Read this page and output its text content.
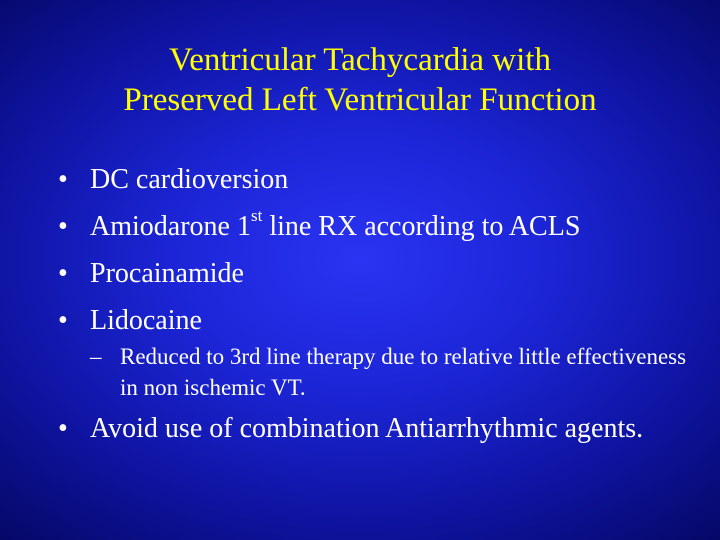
Ventricular Tachycardia with
Preserved Left Ventricular Function
• DC cardioversion
• Amiodarone 1st line RX according to ACLS
• Procainamide
• Lidocaine
– Reduced to 3rd line therapy due to relative little effectiveness in non ischemic VT.
• Avoid use of combination Antiarrhythmic agents.
